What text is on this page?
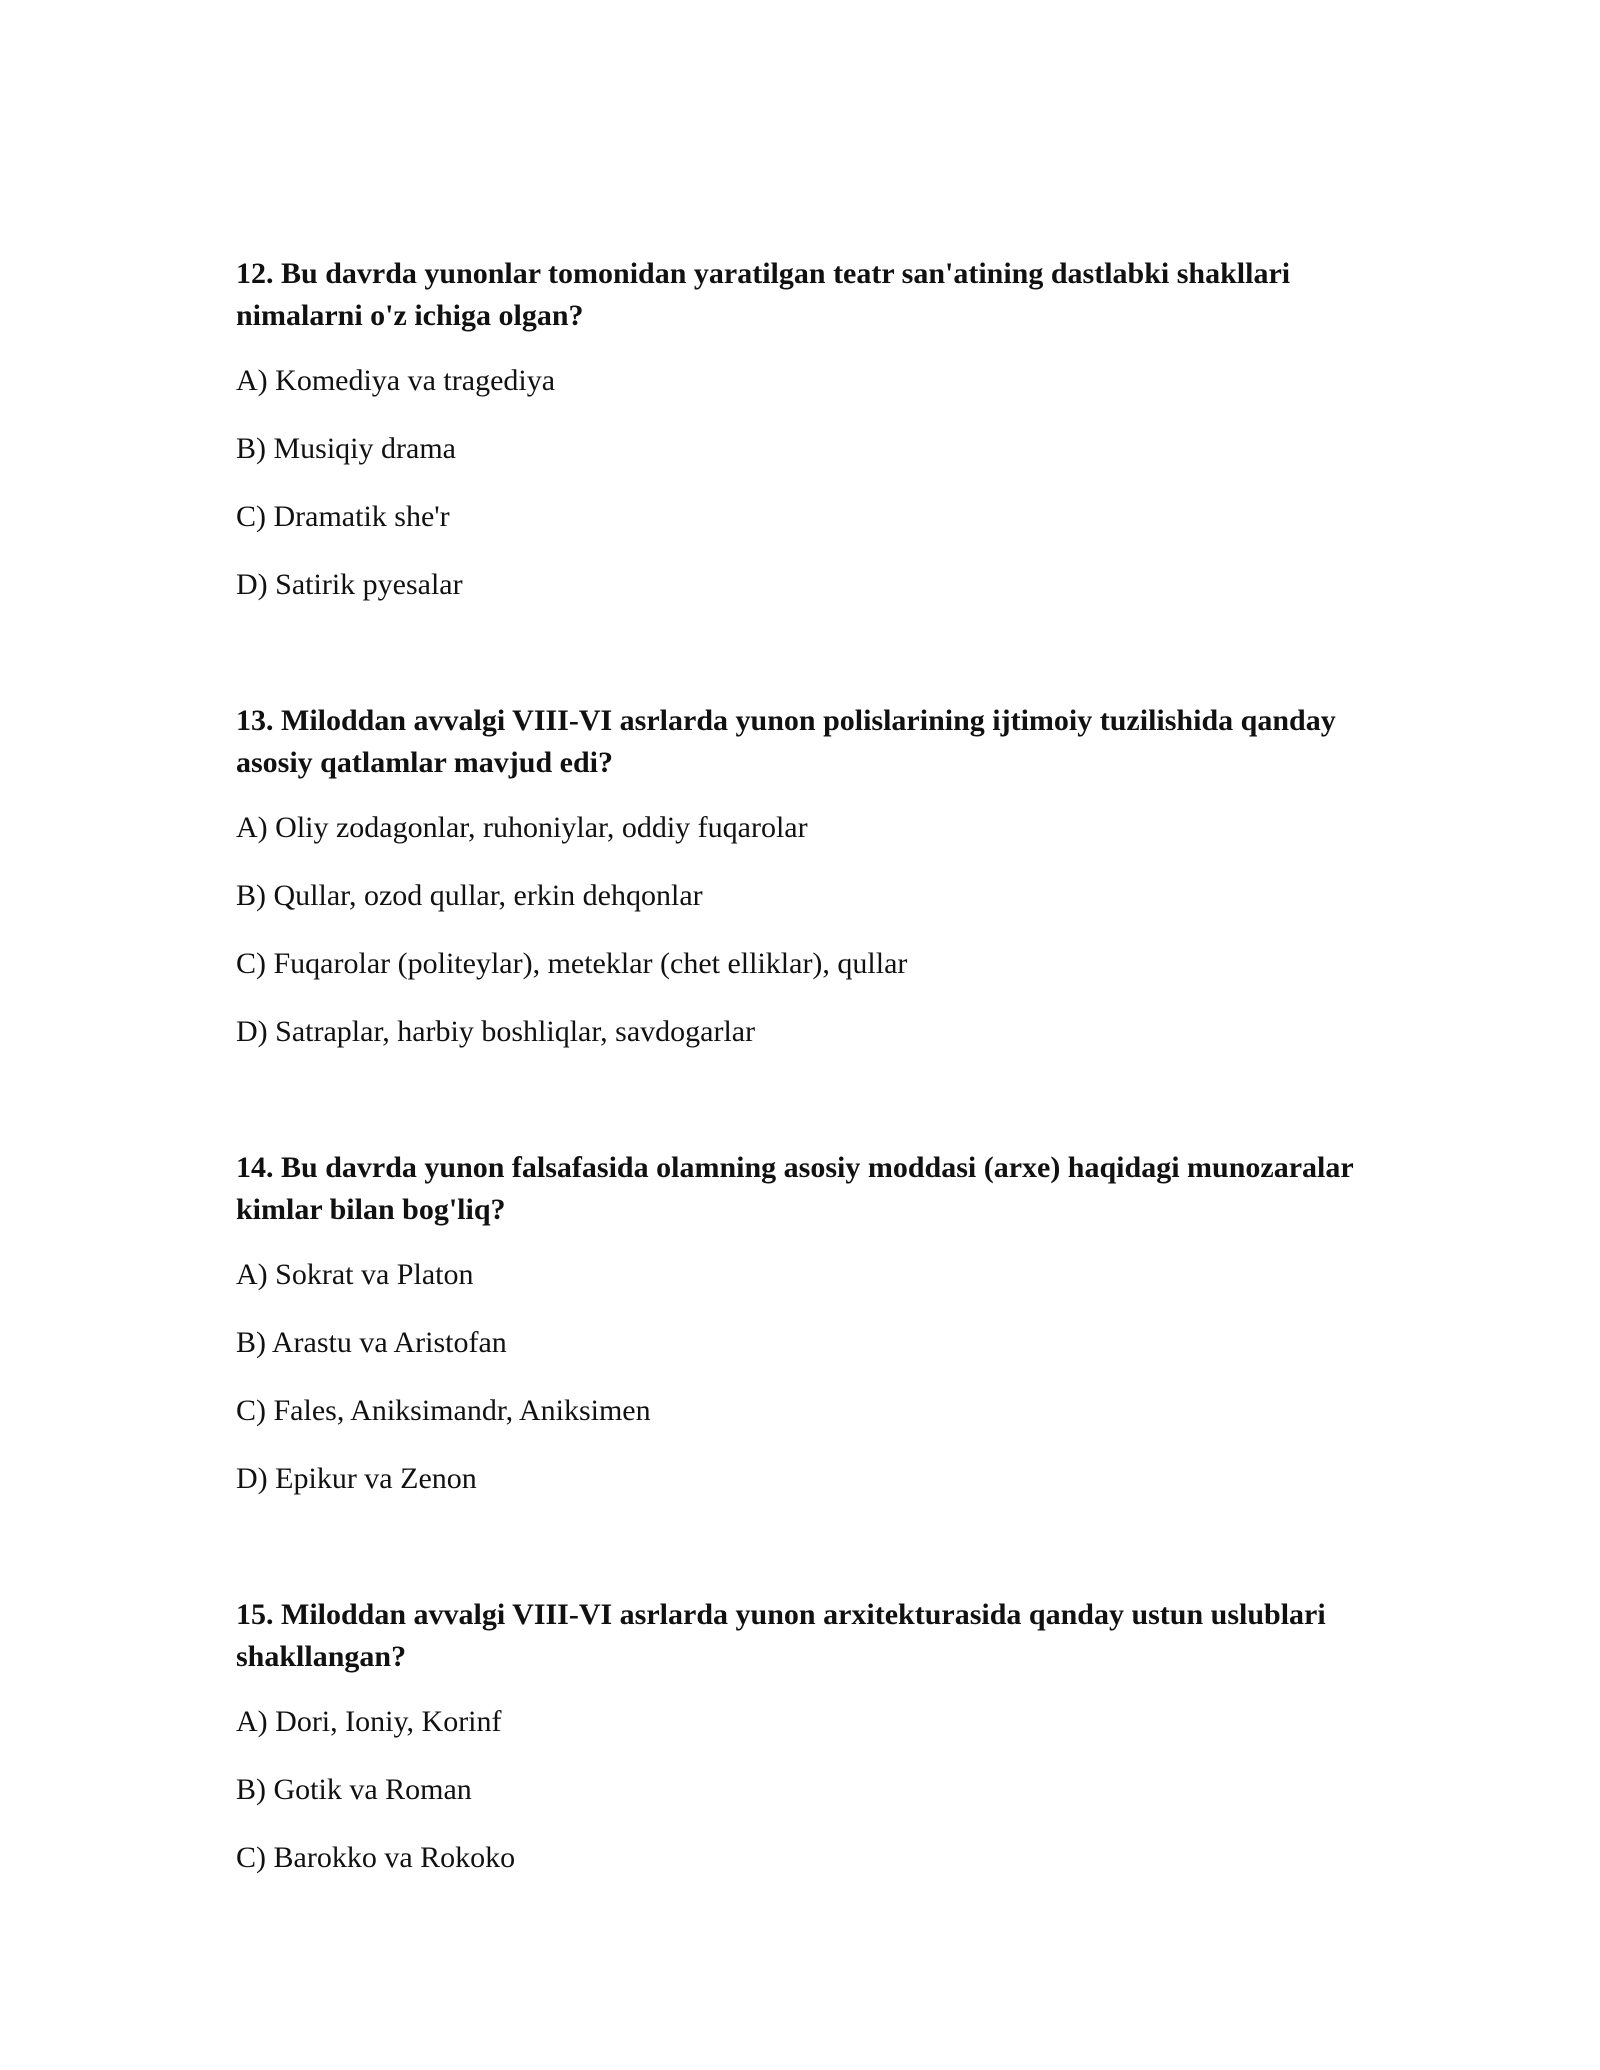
12. Bu davrda yunonlar tomonidan yaratilgan teatr san'atining dastlabki shakllari nimalarni o'z ichiga olgan?

A) Komediya va tragediya

B) Musiqiy drama

C) Dramatik she'r

D) Satirik pyesalar

13. Miloddan avvalgi VIII-VI asrlarda yunon polislarining ijtimoiy tuzilishida qanday asosiy qatlamlar mavjud edi?

A) Oliy zodagonlar, ruhoniylar, oddiy fuqarolar

B) Qullar, ozod qullar, erkin dehqonlar

C) Fuqarolar (politeylar), meteklar (chet elliklar), qullar

D) Satraplar, harbiy boshliqlar, savdogarlar

14. Bu davrda yunon falsafasida olamning asosiy moddasi (arxe) haqidagi munozaralar kimlar bilan bog'liq?

A) Sokrat va Platon

B) Arastu va Aristofan

C) Fales, Aniksimandr, Aniksimen

D) Epikur va Zenon

15. Miloddan avvalgi VIII-VI asrlarda yunon arxitekturasida qanday ustun uslublari shakllangan?

A) Dori, Ioniy, Korinf

B) Gotik va Roman

C) Barokko va Rokoko
